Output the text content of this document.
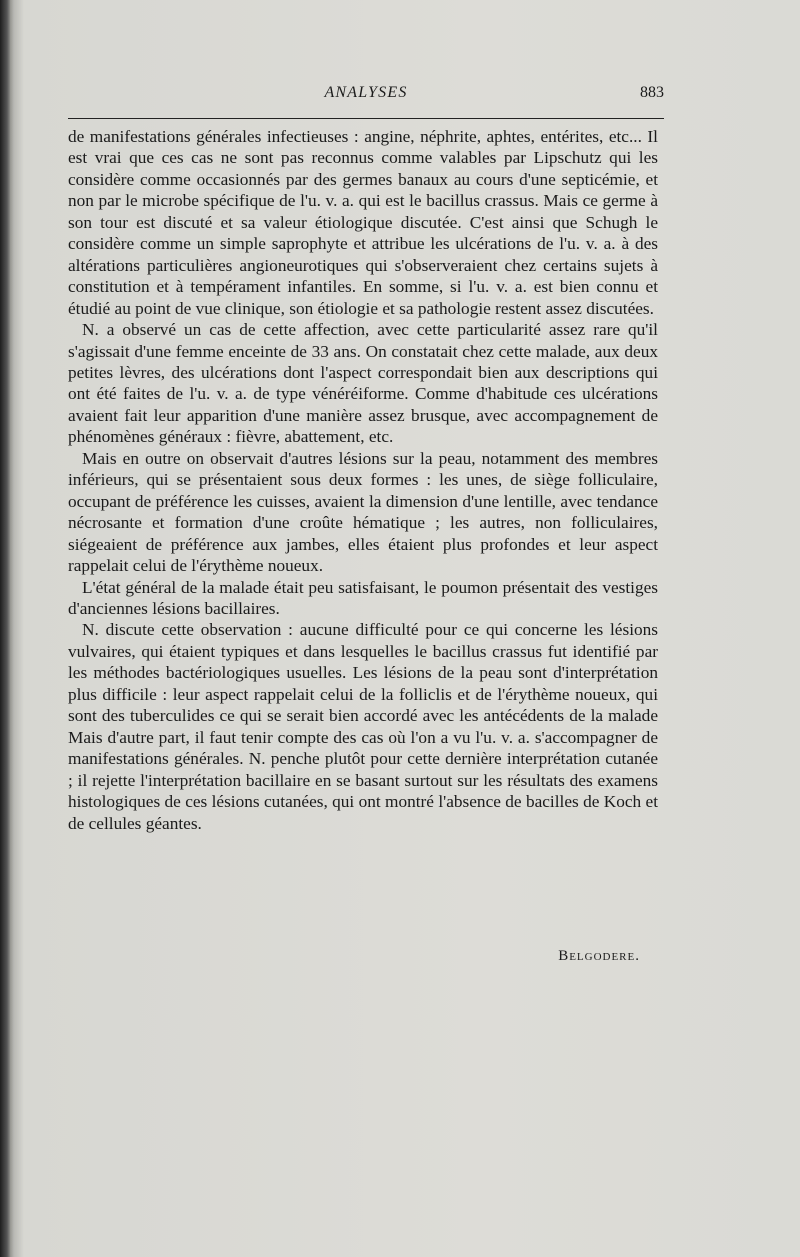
ANALYSES	883

de manifestations générales infectieuses : angine, néphrite, aphtes, entérites, etc... Il est vrai que ces cas ne sont pas reconnus comme valables par Lipschutz qui les considère comme occasionnés par des germes banaux au cours d'une septicémie, et non par le microbe spécifique de l'u. v. a. qui est le bacillus crassus. Mais ce germe à son tour est discuté et sa valeur étiologique discutée. C'est ainsi que Schugh le considère comme un simple saprophyte et attribue les ulcérations de l'u. v. a. à des altérations particulières angioneurotiques qui s'observeraient chez certains sujets à constitution et à tempérament infantiles. En somme, si l'u. v. a. est bien connu et étudié au point de vue clinique, son étiologie et sa pathologie restent assez discutées.

N. a observé un cas de cette affection, avec cette particularité assez rare qu'il s'agissait d'une femme enceinte de 33 ans. On constatait chez cette malade, aux deux petites lèvres, des ulcérations dont l'aspect correspondait bien aux descriptions qui ont été faites de l'u. v. a. de type vénéréiforme. Comme d'habitude ces ulcérations avaient fait leur apparition d'une manière assez brusque, avec accompagnement de phénomènes généraux : fièvre, abattement, etc.

Mais en outre on observait d'autres lésions sur la peau, notamment des membres inférieurs, qui se présentaient sous deux formes : les unes, de siège folliculaire, occupant de préférence les cuisses, avaient la dimension d'une lentille, avec tendance nécrosante et formation d'une croûte hématique ; les autres, non folliculaires, siégeaient de préférence aux jambes, elles étaient plus profondes et leur aspect rappelait celui de l'érythème noueux.

L'état général de la malade était peu satisfaisant, le poumon présentait des vestiges d'anciennes lésions bacillaires.

N. discute cette observation : aucune difficulté pour ce qui concerne les lésions vulvaires, qui étaient typiques et dans lesquelles le bacillus crassus fut identifié par les méthodes bactériologiques usuelles. Les lésions de la peau sont d'interprétation plus difficile : leur aspect rappelait celui de la folliclis et de l'érythème noueux, qui sont des tuberculides ce qui se serait bien accordé avec les antécédents de la malade Mais d'autre part, il faut tenir compte des cas où l'on a vu l'u. v. a. s'accompagner de manifestations générales. N. penche plutôt pour cette dernière interprétation cutanée ; il rejette l'interprétation bacillaire en se basant surtout sur les résultats des examens histologiques de ces lésions cutanées, qui ont montré l'absence de bacilles de Koch et de cellules géantes.

Belgodere.
